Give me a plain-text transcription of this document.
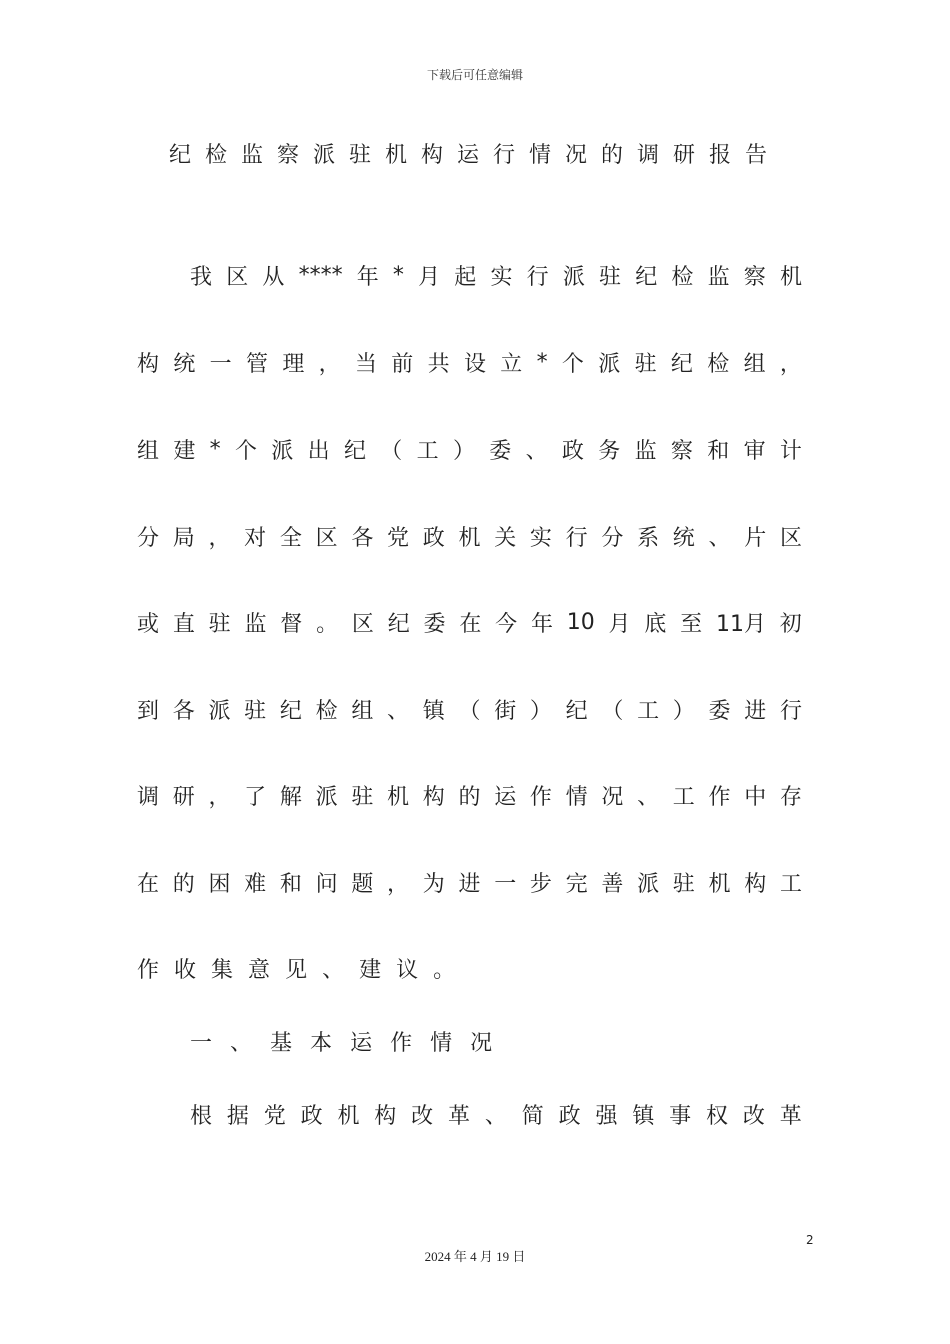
下载后可任意编辑
纪检监察派驻机构运行情况的调研报告
我 区 从 **** 年 * 月 起 实 行 派 驻 纪 检 监 察 机
构 统 一 管 理 ， 当 前 共 设 立 * 个 派 驻 纪 检 组 ，
组 建 * 个 派 出 纪 （ 工 ） 委 、 政 务 监 察 和 审 计
分 局 ， 对 全 区 各 党 政 机 关 实 行 分 系 统 、 片 区
或 直 驻 监 督 。 区 纪 委 在 今 年 10 月 底 至 11月 初
到 各 派 驻 纪 检 组 、 镇 （ 街 ） 纪 （ 工 ） 委 进 行
调 研 ， 了 解 派 驻 机 构 的 运 作 情 况 、 工 作 中 存
在 的 困 难 和 问 题 ， 为 进 一 步 完 善 派 驻 机 构 工
作 收 集 意 见 、 建 议 。
一 、 基 本 运 作 情 况
根 据 党 政 机 构 改 革 、 简 政 强 镇 事 权 改 革
2
2024 年 4 月 19 日
